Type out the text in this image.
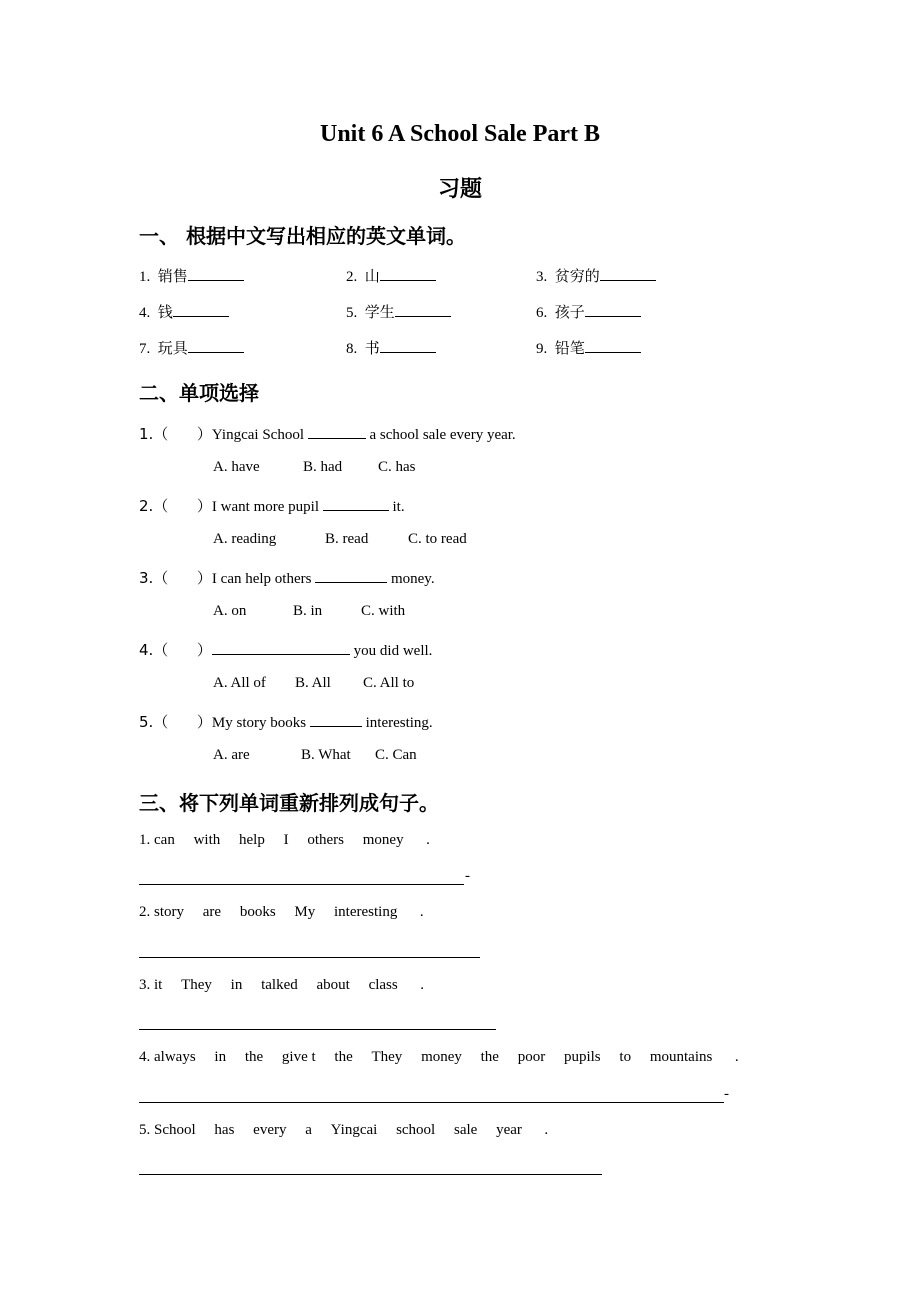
Unit 6 A School Sale Part B
习题
一、 根据中文写出相应的英文单词。
1. 销售	2. 山	3. 贫穷的
4. 钱	5. 学生	6. 孩子
7. 玩具	8. 书	9. 铅笔
二、单项选择
1.（      ）Yingcai School	a school sale every year.
A. have	B. had C. has
2.（      ）I want more pupil	it.
A. reading	B. read	C. to read
3.（      ）I can help others	money.
A. on	B. in	C. with
4.（      ）	you did well.
A. All of B. All C. All to
5.（      ）My story books	interesting.
A. are	B. What C. Can
三、将下列单词重新排列成句子。
1. can with help I others money .
-
2. story are books My interesting .
3. it They in talked about class .
4. always in the give t the They money the poor pupils to mountains .
-
5. School has every a Yingcai school sale year .
